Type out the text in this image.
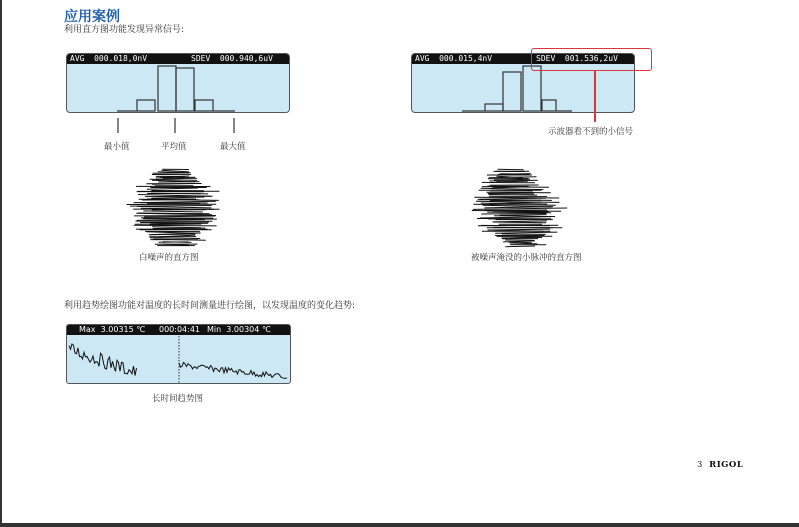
应用案例
利用直方图功能发现异常信号:

AVG  000.018,0nV

	SDEV  000.940,6uV

最小值	平均值	最大值

AVG  000.015,4nV

	SDEV  001.536,2uV

示波器看不到的小信号
白噪声的直方图	被噪声淹没的小脉冲的直方图
利用趋势绘图功能对温度的长时间测量进行绘图，以发现温度的变化趋势:

Max  3.00315 ℃

000:04:41

Min  3.00304 ℃

长时间趋势图
3 RIGOL
